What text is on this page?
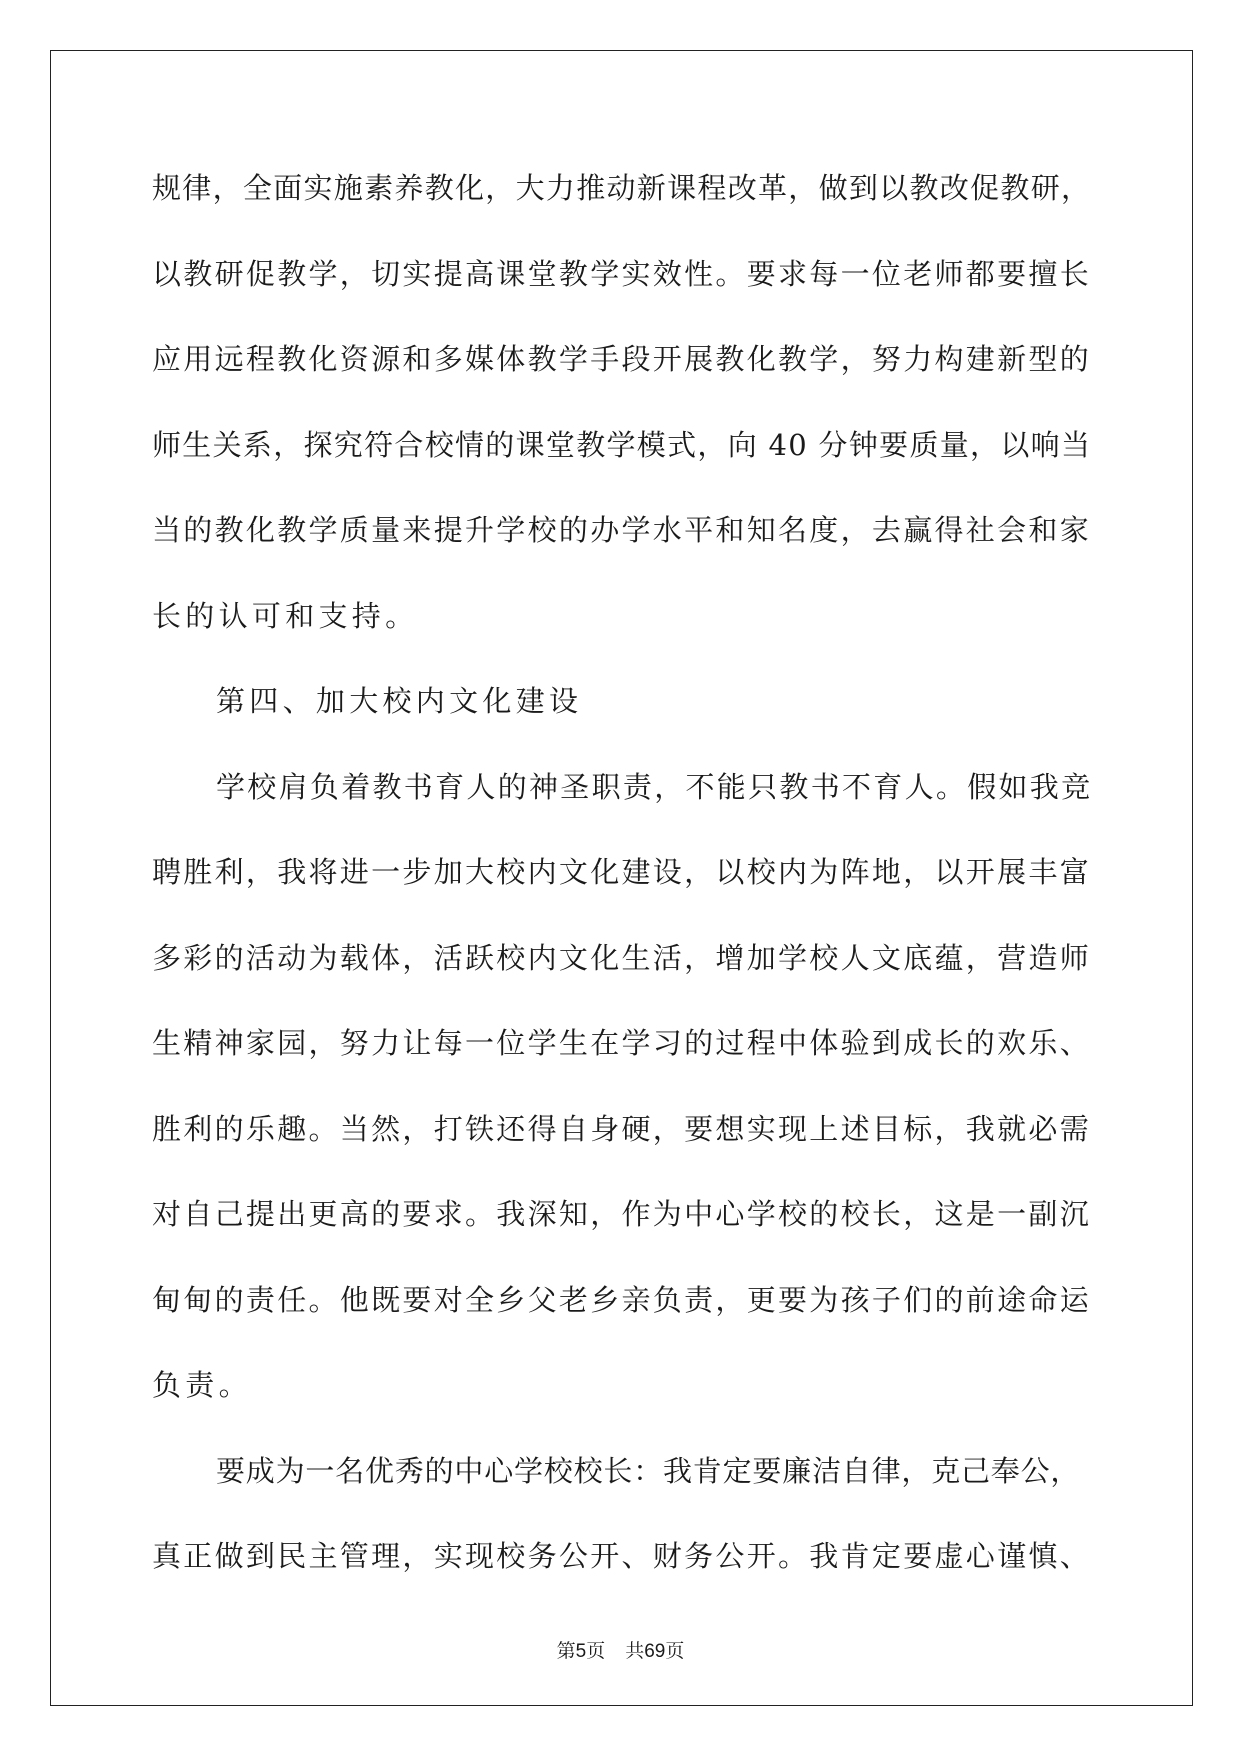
规律，全面实施素养教化，大力推动新课程改革，做到以教改促教研，
以教研促教学，切实提高课堂教学实效性。要求每一位老师都要擅长
应用远程教化资源和多媒体教学手段开展教化教学，努力构建新型的
师生关系，探究符合校情的课堂教学模式，向 40 分钟要质量，以响当
当的教化教学质量来提升学校的办学水平和知名度，去赢得社会和家
长的认可和支持。
第四、加大校内文化建设
学校肩负着教书育人的神圣职责，不能只教书不育人。假如我竞
聘胜利，我将进一步加大校内文化建设，以校内为阵地，以开展丰富
多彩的活动为载体，活跃校内文化生活，增加学校人文底蕴，营造师
生精神家园，努力让每一位学生在学习的过程中体验到成长的欢乐、
胜利的乐趣。当然，打铁还得自身硬，要想实现上述目标，我就必需
对自己提出更高的要求。我深知，作为中心学校的校长，这是一副沉
甸甸的责任。他既要对全乡父老乡亲负责，更要为孩子们的前途命运
负责。
要成为一名优秀的中心学校校长：我肯定要廉洁自律，克己奉公，
真正做到民主管理，实现校务公开、财务公开。我肯定要虚心谨慎、
第5页 共69页
